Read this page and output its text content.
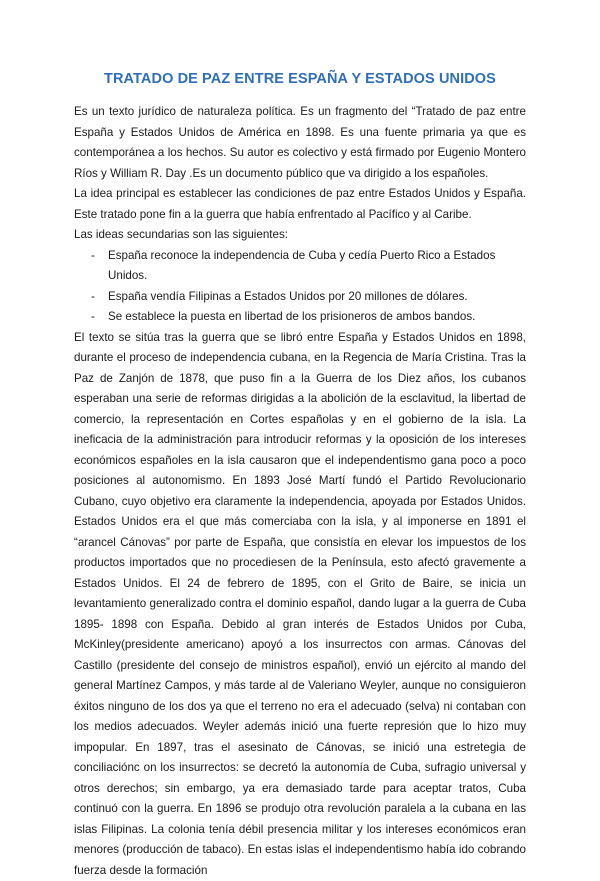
TRATADO DE PAZ ENTRE ESPAÑA Y ESTADOS UNIDOS

Es un texto jurídico de naturaleza política. Es un fragmento del “Tratado de paz entre España y Estados Unidos de América en 1898. Es una fuente primaria ya que es contemporánea a los hechos. Su autor es colectivo y está firmado por Eugenio Montero Ríos y William R. Day .Es un documento público que va dirigido a los españoles.

La idea principal es establecer las condiciones de paz entre Estados Unidos y España. Este tratado pone fin a la guerra que había enfrentado al Pacífico y al Caribe.

Las ideas secundarias son las siguientes:

- España reconoce la independencia de Cuba y cedía Puerto Rico a Estados Unidos.
- España vendía Filipinas a Estados Unidos por 20 millones de dólares.
- Se establece la puesta en libertad de los prisioneros de ambos bandos.

El texto se sitúa tras la guerra que se libró entre España y Estados Unidos en 1898, durante el proceso de independencia cubana, en la Regencia de María Cristina. Tras la Paz de Zanjón de 1878, que puso fin a la Guerra de los Diez años, los cubanos esperaban una serie de reformas dirigidas a la abolición de la esclavitud, la libertad de comercio, la representación en Cortes españolas y en el gobierno de la isla. La ineficacia de la administración para introducir reformas y la oposición de los intereses económicos españoles en la isla causaron que el independentismo gana poco a poco posiciones al autonomismo. En 1893 José Martí fundó el Partido Revolucionario Cubano, cuyo objetivo era claramente la independencia, apoyada por Estados Unidos. Estados Unidos era el que más comerciaba con la isla, y al imponerse en 1891 el “arancel Cánovas” por parte de España, que consistía en elevar los impuestos de los productos importados que no procediesen de la Península, esto afectó gravemente a Estados Unidos. El 24 de febrero de 1895, con el Grito de Baire, se inicia un levantamiento generalizado contra el dominio español, dando lugar a la guerra de Cuba 1895- 1898 con España. Debido al gran interés de Estados Unidos por Cuba, McKinley(presidente americano) apoyó a los insurrectos con armas. Cánovas del Castillo (presidente del consejo de ministros español), envió un ejército al mando del general Martínez Campos, y más tarde al de Valeriano Weyler, aunque no consiguieron éxitos ninguno de los dos ya que el terreno no era el adecuado (selva) ni contaban con los medios adecuados. Weyler además inició una fuerte represión que lo hizo muy impopular. En 1897, tras el asesinato de Cánovas, se inició una estretegia de conciliaciónc on los insurrectos: se decretó la autonomía de Cuba, sufragio universal y otros derechos; sin embargo, ya era demasiado tarde para aceptar tratos, Cuba continuó con la guerra. En 1896 se produjo otra revolución paralela a la cubana en las islas Filipinas. La colonia tenía débil presencia militar y los intereses económicos eran menores (producción de tabaco). En estas islas el independentismo había ido cobrando fuerza desde la formación
